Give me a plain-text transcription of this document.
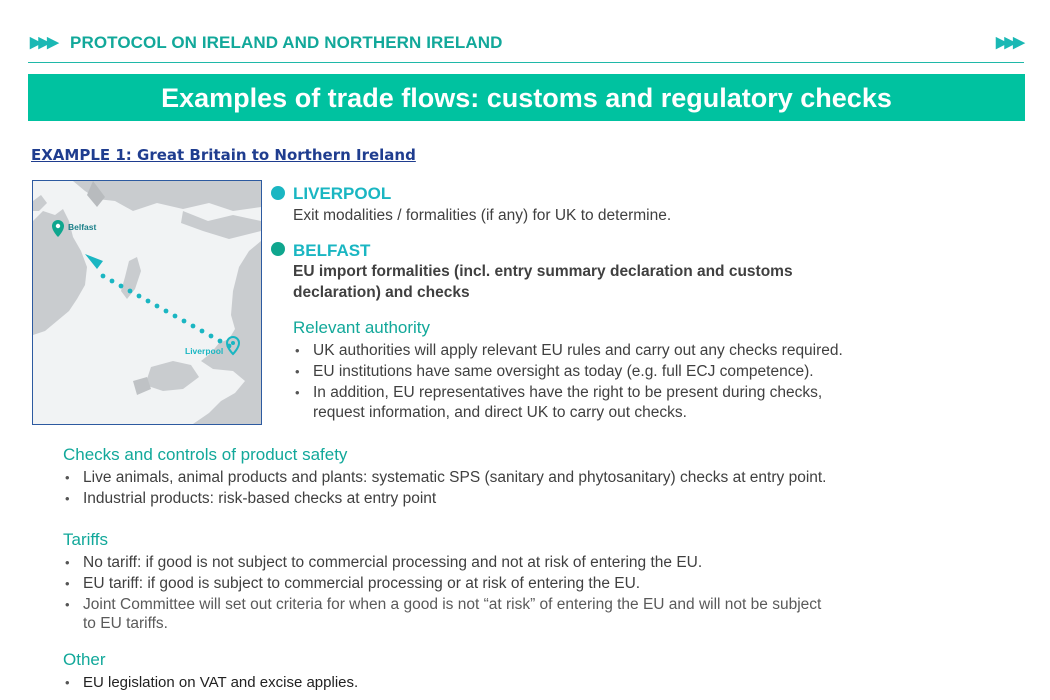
▶▶▶ PROTOCOL ON IRELAND AND NORTHERN IRELAND	▶▶▶
Examples of trade flows: customs and regulatory checks
EXAMPLE 1: Great Britain to Northern Ireland
Belfast
Liverpool
LIVERPOOL
Exit modalities / formalities (if any) for UK to determine.
BELFAST
EU import formalities (incl. entry summary declaration and customs
declaration) and checks
Relevant authority
• UK authorities will apply relevant EU rules and carry out any checks required.
• EU institutions have same oversight as today (e.g. full ECJ competence).
• In addition, EU representatives have the right to be present during checks,
request information, and direct UK to carry out checks.
Checks and controls of product safety
• Live animals, animal products and plants: systematic SPS (sanitary and phytosanitary) checks at entry point.
• Industrial products: risk-based checks at entry point
Tariffs
• No tariff: if good is not subject to commercial processing and not at risk of entering the EU.
• EU tariff: if good is subject to commercial processing or at risk of entering the EU.
• Joint Committee will set out criteria for when a good is not “at risk” of entering the EU and will not be subject
to EU tariffs.
Other
• EU legislation on VAT and excise applies.
